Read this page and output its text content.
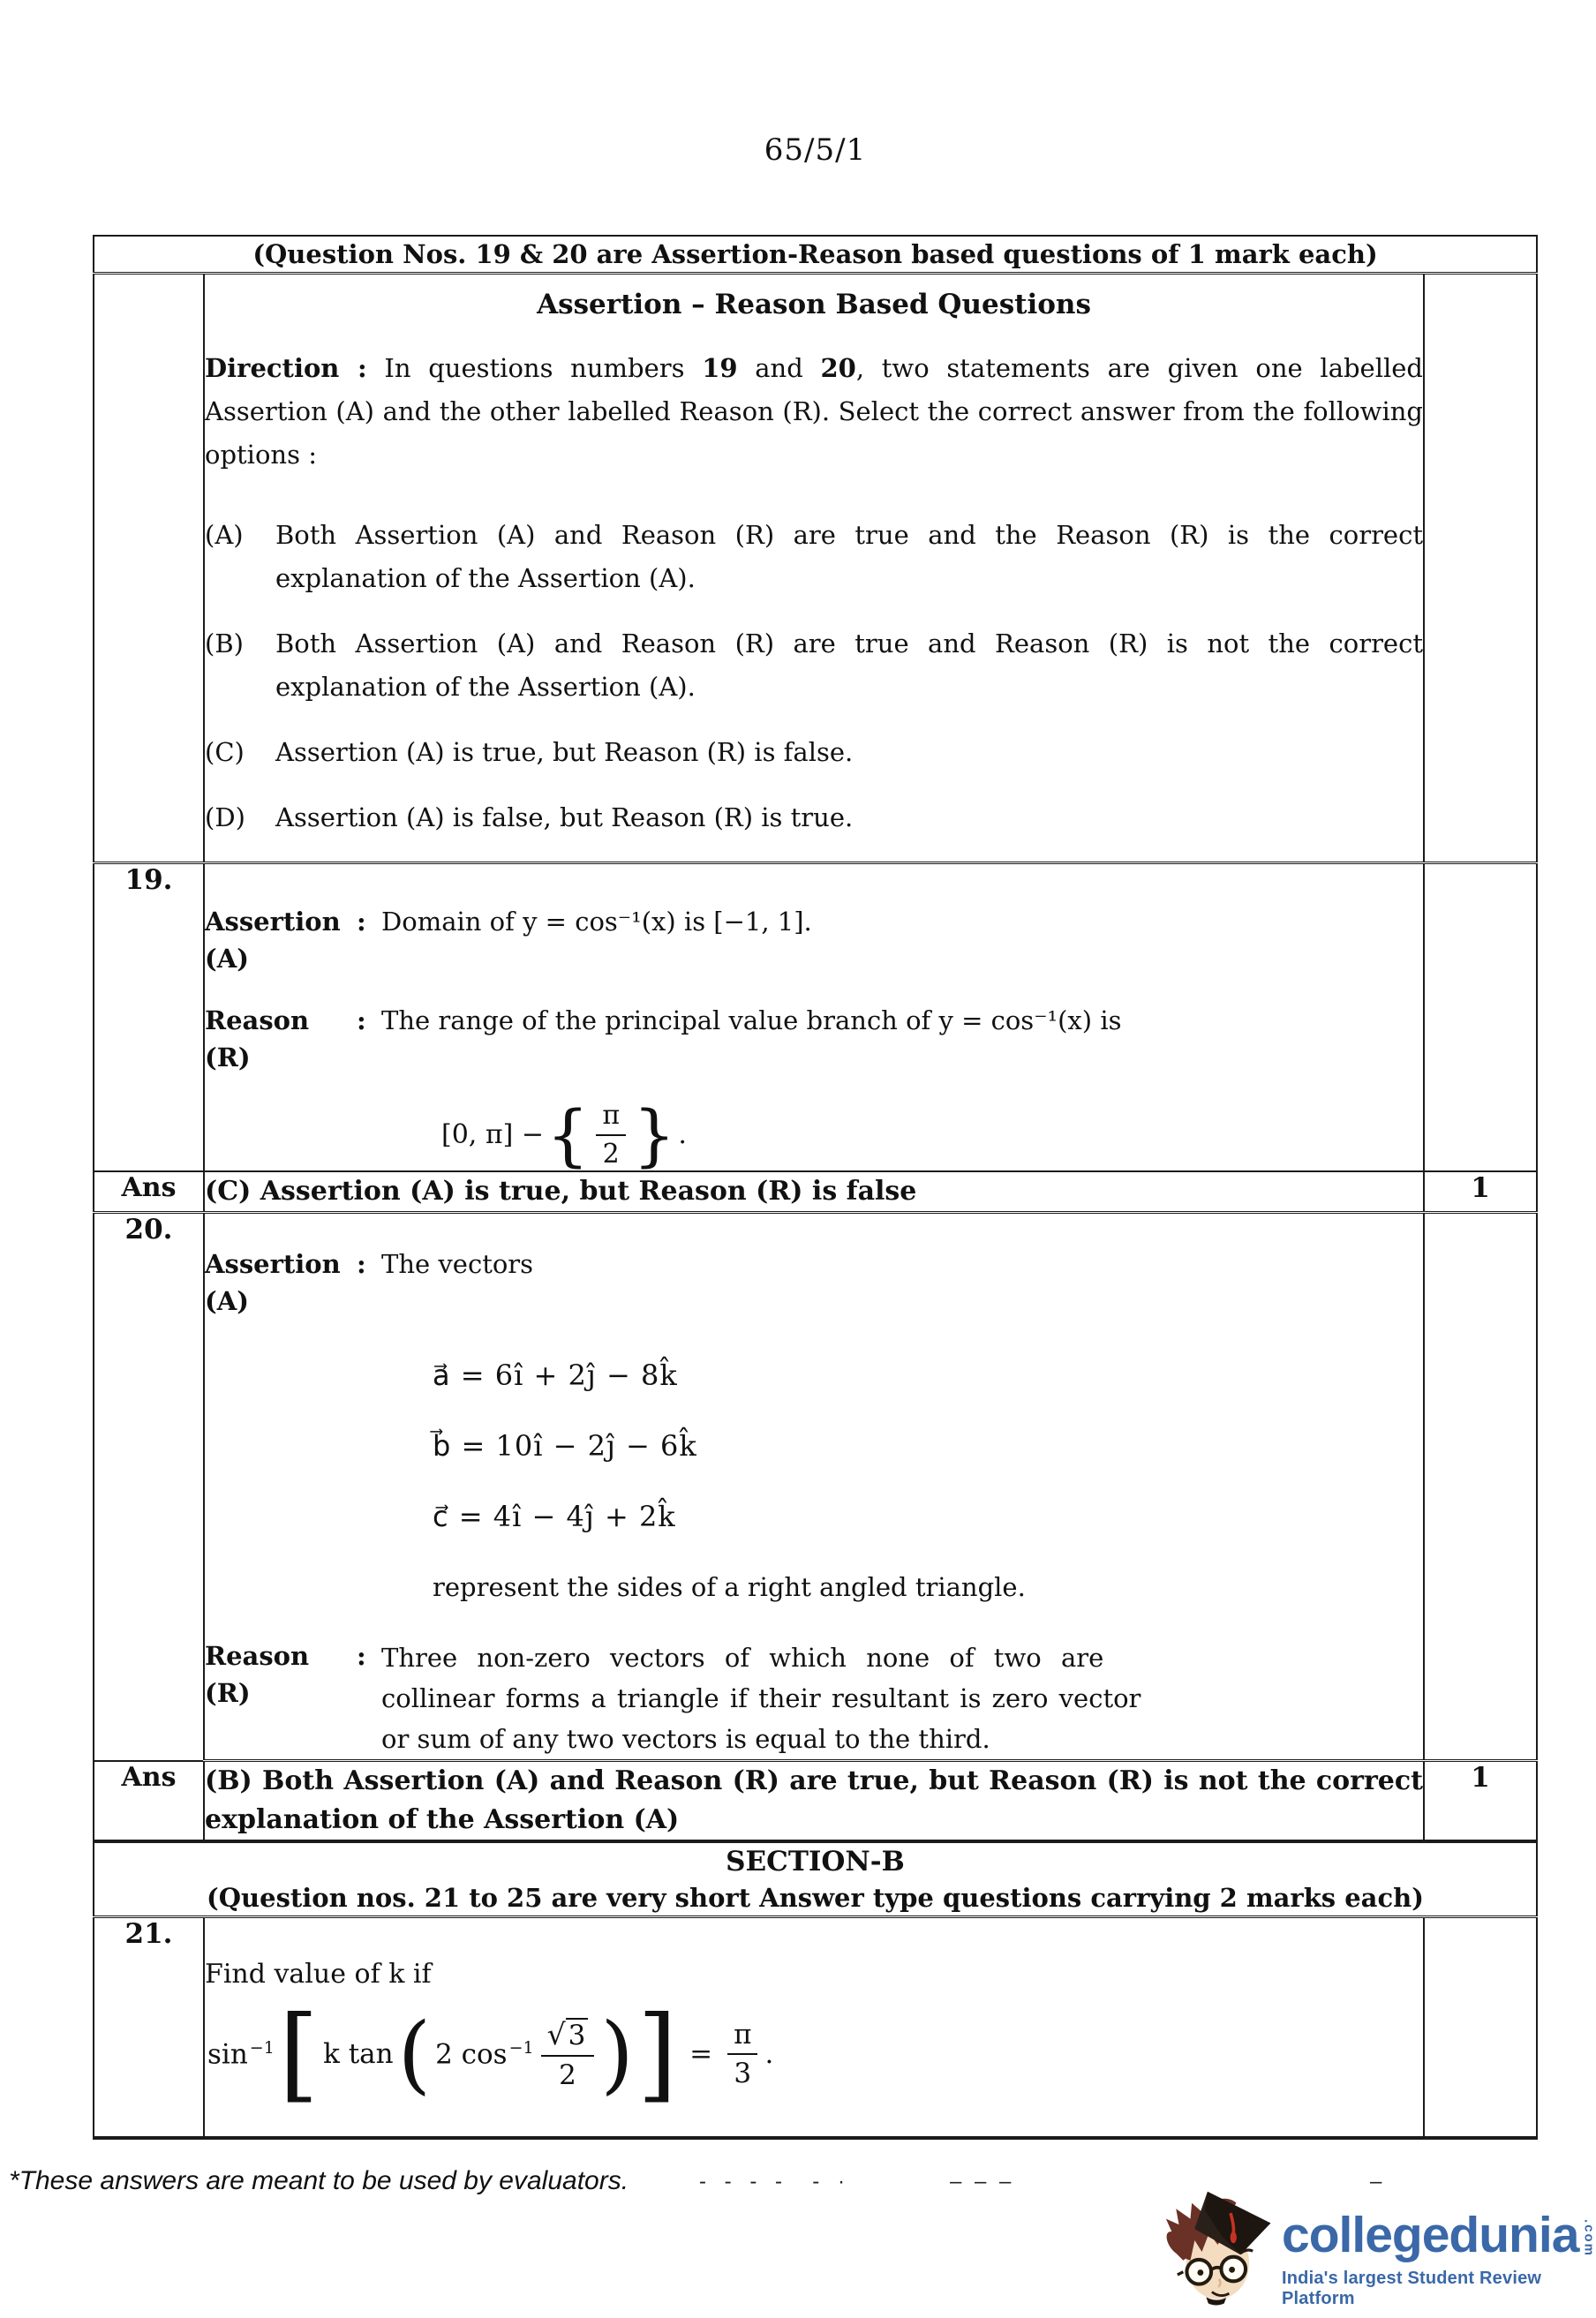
65/5/1
(Question Nos. 19 & 20 are Assertion-Reason based questions of 1 mark each)		

Assertion – Reason Based Questions

Direction : In questions numbers 19 and 20, two statements are given one labelled Assertion (A) and the other labelled Reason (R). Select the correct answer from the following options :

(A)	Both Assertion (A) and Reason (R) are true and the Reason (R) is the correct explanation of the Assertion (A).
(B)	Both Assertion (A) and Reason (R) are true and Reason (R) is not the correct explanation of the Assertion (A).
(C)	Assertion (A) is true, but Reason (R) is false.
(D)	Assertion (A) is false, but Reason (R) is true.

19.	
Assertion (A)
: Domain of y = cos⁻¹(x) is [−1, 1].
Reason (R)
: The range of the principal value branch of y = cos⁻¹(x) is
[0, π] − { $\frac{\pi}{2}$ } .

Ans	(C) Assertion (A) is true, but Reason (R) is false	1
20.	
Assertion (A)
: The vectors
a⃗ = 6î + 2ĵ − 8k̂
b⃗ = 10î − 2ĵ − 6k̂
c⃗ = 4î − 4ĵ + 2k̂
represent the sides of a right angled triangle.
Reason (R)
: Three non-zero vectors of which none of two are
collinear forms a triangle if their resultant is zero vector
or sum of any two vectors is equal to the third.

Ans	(B) Both Assertion (A) and Reason (R) are true, but Reason (R) is not the correct
explanation of the Assertion (A)	1

SECTION-B
(Question nos. 21 to 25 are very short Answer type questions carrying 2 marks each)		

21.	
Find value of k if
sin $^{-1}$ [ k tan ( 2 $\cos ^{-1} \frac{√3}{2}$ ) ] = $\frac{\pi}{3}$ .

*These answers are meant to be used by evaluators.	- - - -  - ·	– – –	–
collegedunia .com
India's largest Student Review Platform
